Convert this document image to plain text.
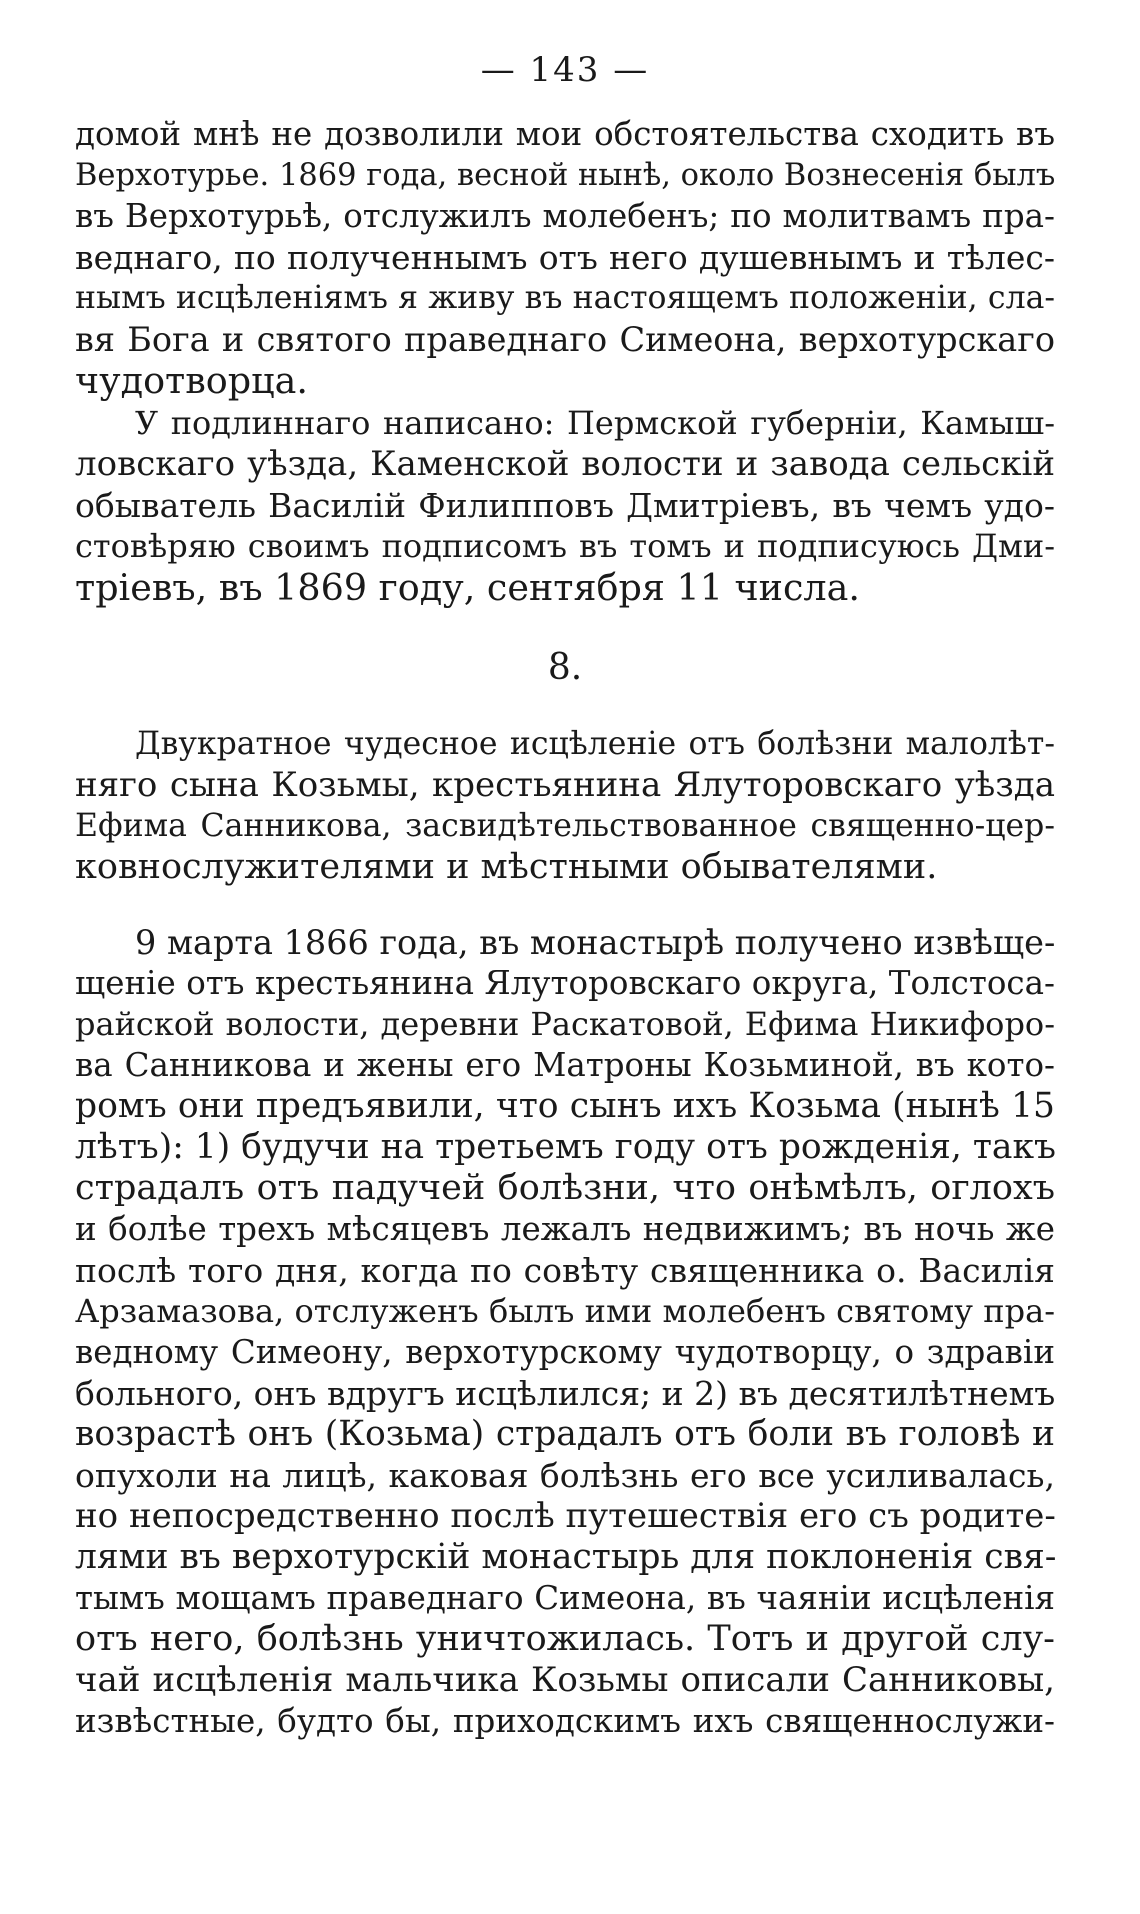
— 143 —
домой мнѣ не дозволили мои обстоятельства сходить въ
Верхотурье. 1869 года, весной нынѣ, около Вознесенія былъ
въ Верхотурьѣ, отслужилъ молебенъ; по молитвамъ пра-
веднаго, по полученнымъ отъ него душевнымъ и тѣлес-
нымъ исцѣленіямъ я живу въ настоящемъ положеніи, сла-
вя Бога и святого праведнаго Симеона, верхотурскаго
чудотворца.
У подлиннаго написано: Пермской губерніи, Камыш-
ловскаго уѣзда, Каменской волости и завода сельскій
обыватель Василій Филипповъ Дмитріевъ, въ чемъ удо-
стовѣряю своимъ подписомъ въ томъ и подписуюсь Дми-
тріевъ, въ 1869 году, сентября 11 числа.
8.
Двукратное чудесное исцѣленіе отъ болѣзни малолѣт-
няго сына Козьмы, крестьянина Ялуторовскаго уѣзда
Ефима Санникова, засвидѣтельствованное священно-цер-
ковнослужителями и мѣстными обывателями.
9 марта 1866 года, въ монастырѣ получено извѣще-
щеніе отъ крестьянина Ялуторовскаго округа, Толстоса-
райской волости, деревни Раскатовой, Ефима Никифоро-
ва Санникова и жены его Матроны Козьминой, въ кото-
ромъ они предъявили, что сынъ ихъ Козьма (нынѣ 15
лѣтъ): 1) будучи на третьемъ году отъ рожденія, такъ
страдалъ отъ падучей болѣзни, что онѣмѣлъ, оглохъ
и болѣе трехъ мѣсяцевъ лежалъ недвижимъ; въ ночь же
послѣ того дня, когда по совѣту священника о. Василія
Арзамазова, отслуженъ былъ ими молебенъ святому пра-
ведному Симеону, верхотурскому чудотворцу, о здравіи
больного, онъ вдругъ исцѣлился; и 2) въ десятилѣтнемъ
возрастѣ онъ (Козьма) страдалъ отъ боли въ головѣ и
опухоли на лицѣ, каковая болѣзнь его все усиливалась,
но непосредственно послѣ путешествія его съ родите-
лями въ верхотурскій монастырь для поклоненія свя-
тымъ мощамъ праведнаго Симеона, въ чаяніи исцѣленія
отъ него, болѣзнь уничтожилась. Тотъ и другой слу-
чай исцѣленія мальчика Козьмы описали Санниковы,
извѣстные, будто бы, приходскимъ ихъ священнослужи-
